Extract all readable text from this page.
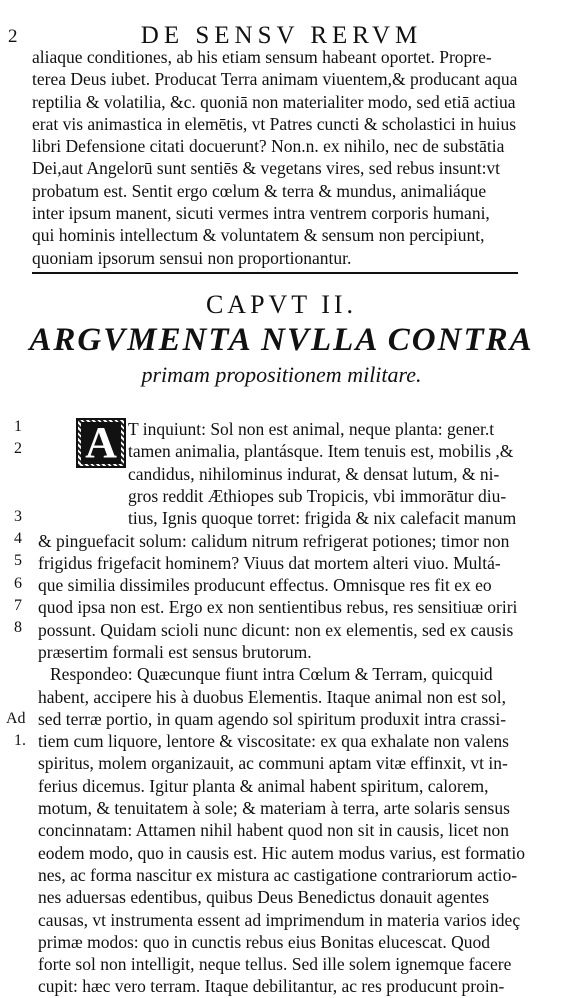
2	DE SENSV RERVM
aliaque conditiones, ab his etiam sensum habeant oportet. Propre-
terea Deus iubet. Producat Terra animam viuentem,& producant aqua
reptilia & volatilia, &c. quoniā non materialiter modo, sed etiā actiua
erat vis animastica in elemētis, vt Patres cuncti & scholastici in huius
libri Defensione citati docuerunt? Non.n. ex nihilo, nec de substātia
Dei,aut Angelorū sunt sentiēs & vegetans vires, sed rebus insunt:vt
probatum est. Sentit ergo cœlum & terra & mundus, animaliáque
inter ipsum manent, sicuti vermes intra ventrem corporis humani,
qui hominis intellectum & voluntatem & sensum non percipiunt,
quoniam ipsorum sensui non proportionantur.
CAPVT II.
ARGVMENTA NVLLA CONTRA
primam propositionem militare.
1
2
3
4
5
6
7
8
Ad
1.
A T inquiunt: Sol non est animal, neque planta: gener.t
tamen animalia, plantásque. Item tenuis est, mobilis ,&
candidus, nihilominus indurat, & densat lutum, & ni-
gros reddit Æthiopes sub Tropicis, vbi immorātur diu-
tius, Ignis quoque torret: frigida & nix calefacit manum
& pinguefacit solum: calidum nitrum refrigerat potiones; timor non
frigidus frigefacit hominem? Viuus dat mortem alteri viuo. Multá-
que similia dissimiles producunt effectus. Omnisque res fit ex eo
quod ipsa non est. Ergo ex non sentientibus rebus, res sensitiuæ oriri
possunt. Quidam scioli nunc dicunt: non ex elementis, sed ex causis
præsertim formali est sensus brutorum.
Respondeo: Quæcunque fiunt intra Cœlum & Terram, quicquid
habent, accipere his à duobus Elementis. Itaque animal non est sol,
sed terræ portio, in quam agendo sol spiritum produxit intra crassi-
tiem cum liquore, lentore & viscositate: ex qua exhalate non valens
spiritus, molem organizauit, ac communi aptam vitæ effinxit, vt in-
ferius dicemus. Igitur planta & animal habent spiritum, calorem,
motum, & tenuitatem à sole; & materiam à terra, arte solaris sensus
concinnatam: Attamen nihil habent quod non sit in causis, licet non
eodem modo, quo in causis est. Hic autem modus varius, est formatio
nes, ac forma nascitur ex mistura ac castigatione contrariorum actio-
nes aduersas edentibus, quibus Deus Benedictus donauit agentes
causas, vt instrumenta essent ad imprimendum in materia varios ideç
primæ modos: quo in cunctis rebus eius Bonitas elucescat. Quod
forte sol non intelligit, neque tellus. Sed ille solem ignemque facere
cupit: hæc vero terram. Itaque debilitantur, ac res producunt proin-
